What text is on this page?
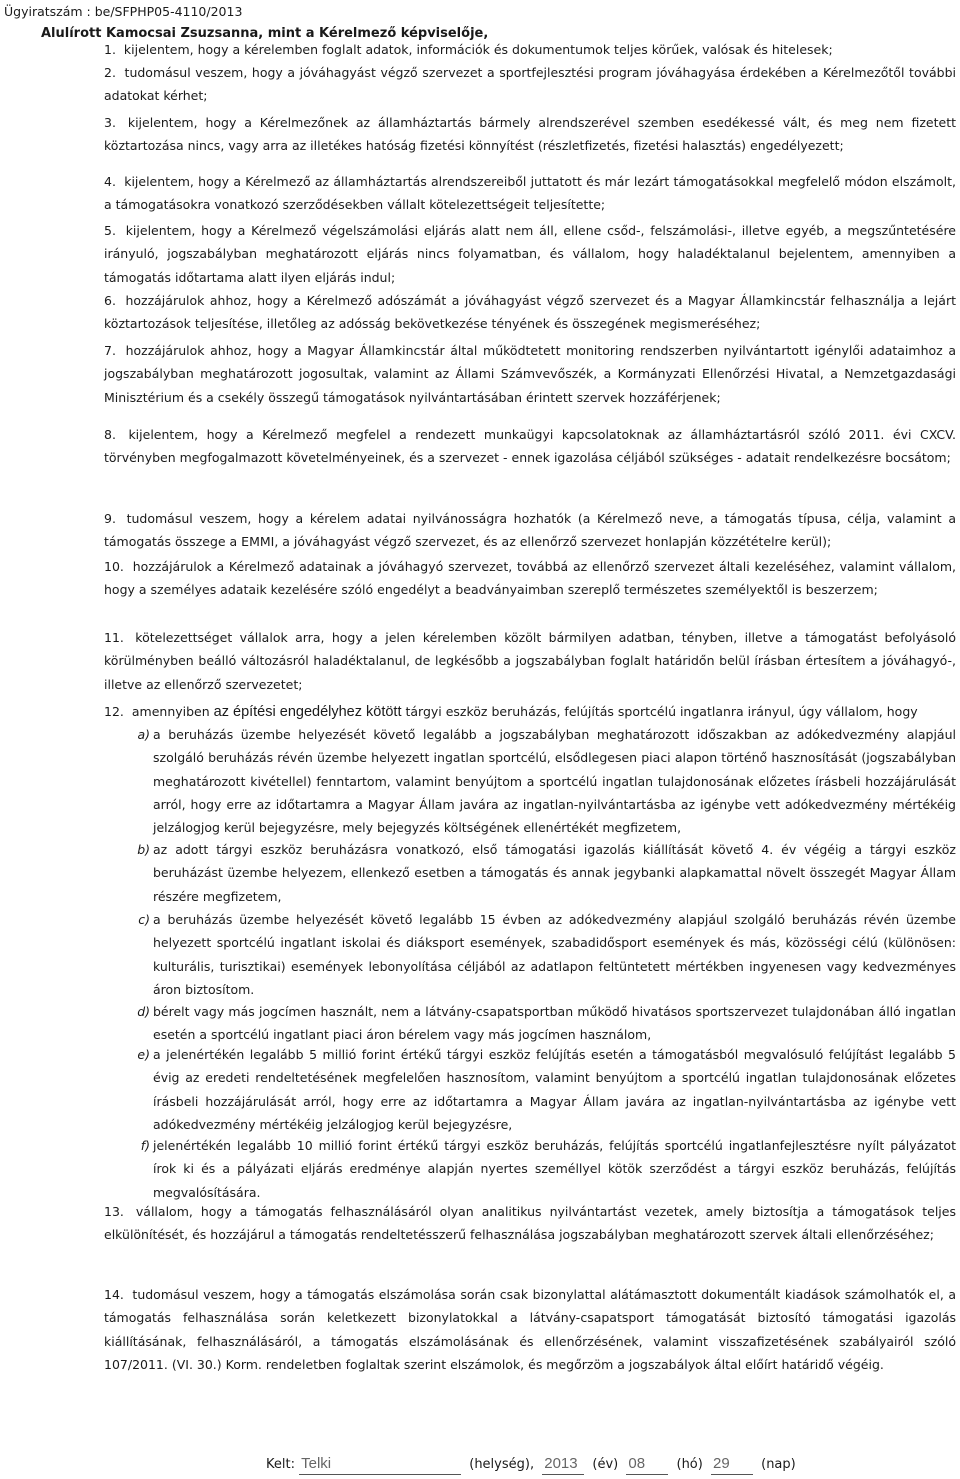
Ügyiratszám : be/SFPHP05-4110/2013
Alulírott Kamocsai Zsuzsanna, mint a Kérelmező képviselője,
1. kijelentem, hogy a kérelemben foglalt adatok, információk és dokumentumok teljes körűek, valósak és hitelesek;
2. tudomásul veszem, hogy a jóváhagyást végző szervezet a sportfejlesztési program jóváhagyása érdekében a Kérelmezőtől további adatokat kérhet;
3. kijelentem, hogy a Kérelmezőnek az államháztartás bármely alrendszerével szemben esedékessé vált, és meg nem fizetett köztartozása nincs, vagy arra az illetékes hatóság fizetési könnyítést (részletfizetés, fizetési halasztás) engedélyezett;
4. kijelentem, hogy a Kérelmező az államháztartás alrendszereiből juttatott és már lezárt támogatásokkal megfelelő módon elszámolt, a támogatásokra vonatkozó szerződésekben vállalt kötelezettségeit teljesítette;
5. kijelentem, hogy a Kérelmező végelszámolási eljárás alatt nem áll, ellene csőd-, felszámolási-, illetve egyéb, a megszűntetésére irányuló, jogszabályban meghatározott eljárás nincs folyamatban, és vállalom, hogy haladéktalanul bejelentem, amennyiben a támogatás időtartama alatt ilyen eljárás indul;
6. hozzájárulok ahhoz, hogy a Kérelmező adószámát a jóváhagyást végző szervezet és a Magyar Államkincstár felhasználja a lejárt köztartozások teljesítése, illetőleg az adósság bekövetkezése tényének és összegének megismeréséhez;
7. hozzájárulok ahhoz, hogy a Magyar Államkincstár által működtetett monitoring rendszerben nyilvántartott igénylői adataimhoz a jogszabályban meghatározott jogosultak, valamint az Állami Számvevőszék, a Kormányzati Ellenőrzési Hivatal, a Nemzetgazdasági Minisztérium és a csekély összegű támogatások nyilvántartásában érintett szervek hozzáférjenek;
8. kijelentem, hogy a Kérelmező megfelel a rendezett munkaügyi kapcsolatoknak az államháztartásról szóló 2011. évi CXCV. törvényben megfogalmazott követelményeinek, és a szervezet - ennek igazolása céljából szükséges - adatait rendelkezésre bocsátom;
9. tudomásul veszem, hogy a kérelem adatai nyilvánosságra hozhatók (a Kérelmező neve, a támogatás típusa, célja, valamint a támogatás összege a EMMI, a jóváhagyást végző szervezet, és az ellenőrző szervezet honlapján közzétételre kerül);
10. hozzájárulok a Kérelmező adatainak a jóváhagyó szervezet, továbbá az ellenőrző szervezet általi kezeléséhez, valamint vállalom, hogy a személyes adataik kezelésére szóló engedélyt a beadványaimban szereplő természetes személyektől is beszerzem;
11. kötelezettséget vállalok arra, hogy a jelen kérelemben közölt bármilyen adatban, tényben, illetve a támogatást befolyásoló körülményben beálló változásról haladéktalanul, de legkésőbb a jogszabályban foglalt határidőn belül írásban értesítem a jóváhagyó-, illetve az ellenőrző szervezetet;
12. amennyiben az építési engedélyhez kötött tárgyi eszköz beruházás, felújítás sportcélú ingatlanra irányul, úgy vállalom, hogy
a) a beruházás üzembe helyezését követő legalább a jogszabályban meghatározott időszakban az adókedvezmény alapjául szolgáló beruházás révén üzembe helyezett ingatlan sportcélú, elsődlegesen piaci alapon történő hasznosítását (jogszabályban meghatározott kivétellel) fenntartom, valamint benyújtom a sportcélú ingatlan tulajdonosának előzetes írásbeli hozzájárulását arról, hogy erre az időtartamra a Magyar Állam javára az ingatlan-nyilvántartásba az igénybe vett adókedvezmény mértékéig jelzálogjog kerül bejegyzésre, mely bejegyzés költségének ellenértékét megfizetem,
b) az adott tárgyi eszköz beruházásra vonatkozó, első támogatási igazolás kiállítását követő 4. év végéig a tárgyi eszköz beruházást üzembe helyezem, ellenkező esetben a támogatás és annak jegybanki alapkamattal növelt összegét Magyar Állam részére megfizetem,
c) a beruházás üzembe helyezését követő legalább 15 évben az adókedvezmény alapjául szolgáló beruházás révén üzembe helyezett sportcélú ingatlant iskolai és diáksport események, szabadidősport események és más, közösségi célú (különösen: kulturális, turisztikai) események lebonyolítása céljából az adatlapon feltüntetett mértékben ingyenesen vagy kedvezményes áron biztosítom.
d) bérelt vagy más jogcímen használt, nem a látvány-csapatsportban működő hivatásos sportszervezet tulajdonában álló ingatlan esetén a sportcélú ingatlant piaci áron bérelem vagy más jogcímen használom,
e) a jelenértékén legalább 5 millió forint értékű tárgyi eszköz felújítás esetén a támogatásból megvalósuló felújítást legalább 5 évig az eredeti rendeltetésének megfelelően hasznosítom, valamint benyújtom a sportcélú ingatlan tulajdonosának előzetes írásbeli hozzájárulását arról, hogy erre az időtartamra a Magyar Állam javára az ingatlan-nyilvántartásba az igénybe vett adókedvezmény mértékéig jelzálogjog kerül bejegyzésre,
f) jelenértékén legalább 10 millió forint értékű tárgyi eszköz beruházás, felújítás sportcélú ingatlanfejlesztésre nyílt pályázatot írok ki és a pályázati eljárás eredménye alapján nyertes személlyel kötök szerződést a tárgyi eszköz beruházás, felújítás megvalósítására.
13. vállalom, hogy a támogatás felhasználásáról olyan analitikus nyilvántartást vezetek, amely biztosítja a támogatások teljes elkülönítését, és hozzájárul a támogatás rendeltetésszerű felhasználása jogszabályban meghatározott szervek általi ellenőrzéséhez;
14. tudomásul veszem, hogy a támogatás elszámolása során csak bizonylattal alátámasztott dokumentált kiadások számolhatók el, a támogatás felhasználása során keletkezett bizonylatokkal a látvány-csapatsport támogatását biztosító támogatási igazolás kiállításának, felhasználásáról, a támogatás elszámolásának és ellenőrzésének, valamint visszafizetésének szabályairól szóló 107/2011. (VI. 30.) Korm. rendeletben foglaltak szerint elszámolok, és megőrzöm a jogszabályok által előírt határidő végéig.
Kelt: Telki	(helység), 2013 (év) 08 (hó) 29 (nap)
